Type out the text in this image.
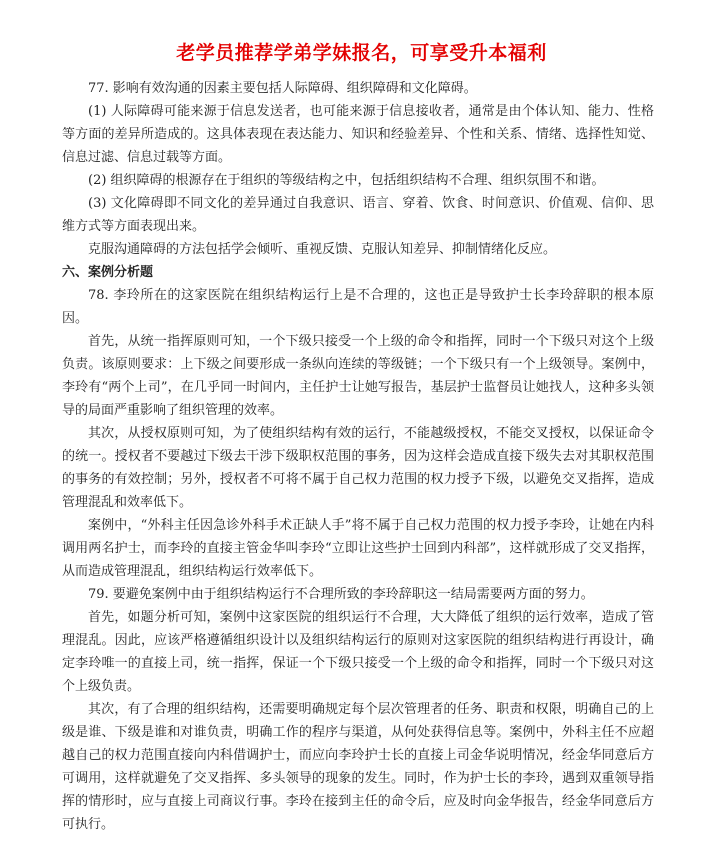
老学员推荐学弟学妹报名，可享受升本福利

77. 影响有效沟通的因素主要包括人际障碍、组织障碍和文化障碍。

(1) 人际障碍可能来源于信息发送者，也可能来源于信息接收者，通常是由个体认知、能力、性格等方面的差异所造成的。这具体表现在表达能力、知识和经验差异、个性和关系、情绪、选择性知觉、信息过滤、信息过载等方面。

(2) 组织障碍的根源存在于组织的等级结构之中，包括组织结构不合理、组织氛围不和谐。

(3) 文化障碍即不同文化的差异通过自我意识、语言、穿着、饮食、时间意识、价值观、信仰、思维方式等方面表现出来。

克服沟通障碍的方法包括学会倾听、重视反馈、克服认知差异、抑制情绪化反应。

六、案例分析题

78. 李玲所在的这家医院在组织结构运行上是不合理的，这也正是导致护士长李玲辞职的根本原因。

首先，从统一指挥原则可知，一个下级只接受一个上级的命令和指挥，同时一个下级只对这个上级负责。该原则要求：上下级之间要形成一条纵向连续的等级链；一个下级只有一个上级领导。案例中，李玲有“两个上司”，在几乎同一时间内，主任护士让她写报告，基层护士监督员让她找人，这种多头领导的局面严重影响了组织管理的效率。

其次，从授权原则可知，为了使组织结构有效的运行，不能越级授权，不能交叉授权，以保证命令的统一。授权者不要越过下级去干涉下级职权范围的事务，因为这样会造成直接下级失去对其职权范围的事务的有效控制；另外，授权者不可将不属于自己权力范围的权力授予下级，以避免交叉指挥，造成管理混乱和效率低下。

案例中，“外科主任因急诊外科手术正缺人手”将不属于自己权力范围的权力授予李玲，让她在内科调用两名护士，而李玲的直接主管金华叫李玲“立即让这些护士回到内科部”，这样就形成了交叉指挥，从而造成管理混乱，组织结构运行效率低下。

79. 要避免案例中由于组织结构运行不合理所致的李玲辞职这一结局需要两方面的努力。

首先，如题分析可知，案例中这家医院的组织运行不合理，大大降低了组织的运行效率，造成了管理混乱。因此，应该严格遵循组织设计以及组织结构运行的原则对这家医院的组织结构进行再设计，确定李玲唯一的直接上司，统一指挥，保证一个下级只接受一个上级的命令和指挥，同时一个下级只对这个上级负责。

其次，有了合理的组织结构，还需要明确规定每个层次管理者的任务、职责和权限，明确自己的上级是谁、下级是谁和对谁负责，明确工作的程序与渠道，从何处获得信息等。案例中，外科主任不应超越自己的权力范围直接向内科借调护士，而应向李玲护士长的直接上司金华说明情况，经金华同意后方可调用，这样就避免了交叉指挥、多头领导的现象的发生。同时，作为护士长的李玲，遇到双重领导指挥的情形时，应与直接上司商议行事。李玲在接到主任的命令后，应及时向金华报告，经金华同意后方可执行。
